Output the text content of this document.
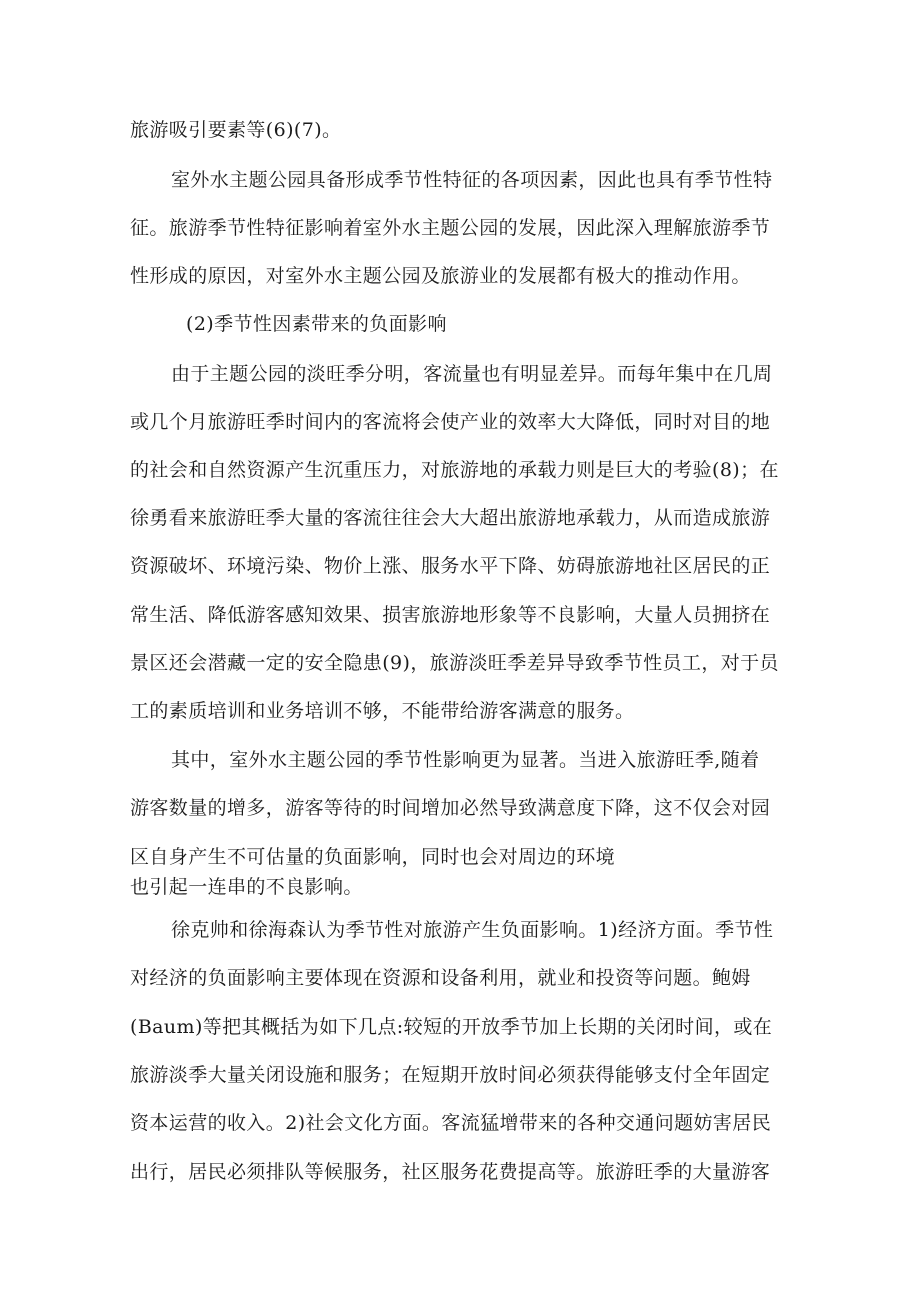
旅游吸引要素等(6)(7)。

室外水主题公园具备形成季节性特征的各项因素，因此也具有季节性特

征。旅游季节性特征影响着室外水主题公园的发展，因此深入理解旅游季节

性形成的原因，对室外水主题公园及旅游业的发展都有极大的推动作用。

(2)季节性因素带来的负面影响

由于主题公园的淡旺季分明，客流量也有明显差异。而每年集中在几周

或几个月旅游旺季时间内的客流将会使产业的效率大大降低，同时对目的地

的社会和自然资源产生沉重压力，对旅游地的承载力则是巨大的考验(8)；在

徐勇看来旅游旺季大量的客流往往会大大超出旅游地承载力，从而造成旅游

资源破坏、环境污染、物价上涨、服务水平下降、妨碍旅游地社区居民的正

常生活、降低游客感知效果、损害旅游地形象等不良影响，大量人员拥挤在

景区还会潜藏一定的安全隐患(9)，旅游淡旺季差异导致季节性员工，对于员

工的素质培训和业务培训不够，不能带给游客满意的服务。

其中，室外水主题公园的季节性影响更为显著。当进入旅游旺季,随着

游客数量的增多，游客等待的时间增加必然导致满意度下降，这不仅会对园

区自身产生不可估量的负面影响，同时也会对周边的环境

也引起一连串的不良影响。

徐克帅和徐海森认为季节性对旅游产生负面影响。1)经济方面。季节性

对经济的负面影响主要体现在资源和设备利用，就业和投资等问题。鲍姆

(Baum)等把其概括为如下几点:较短的开放季节加上长期的关闭时间，或在

旅游淡季大量关闭设施和服务；在短期开放时间必须获得能够支付全年固定

资本运营的收入。2)社会文化方面。客流猛增带来的各种交通问题妨害居民

出行，居民必须排队等候服务，社区服务花费提高等。旅游旺季的大量游客
